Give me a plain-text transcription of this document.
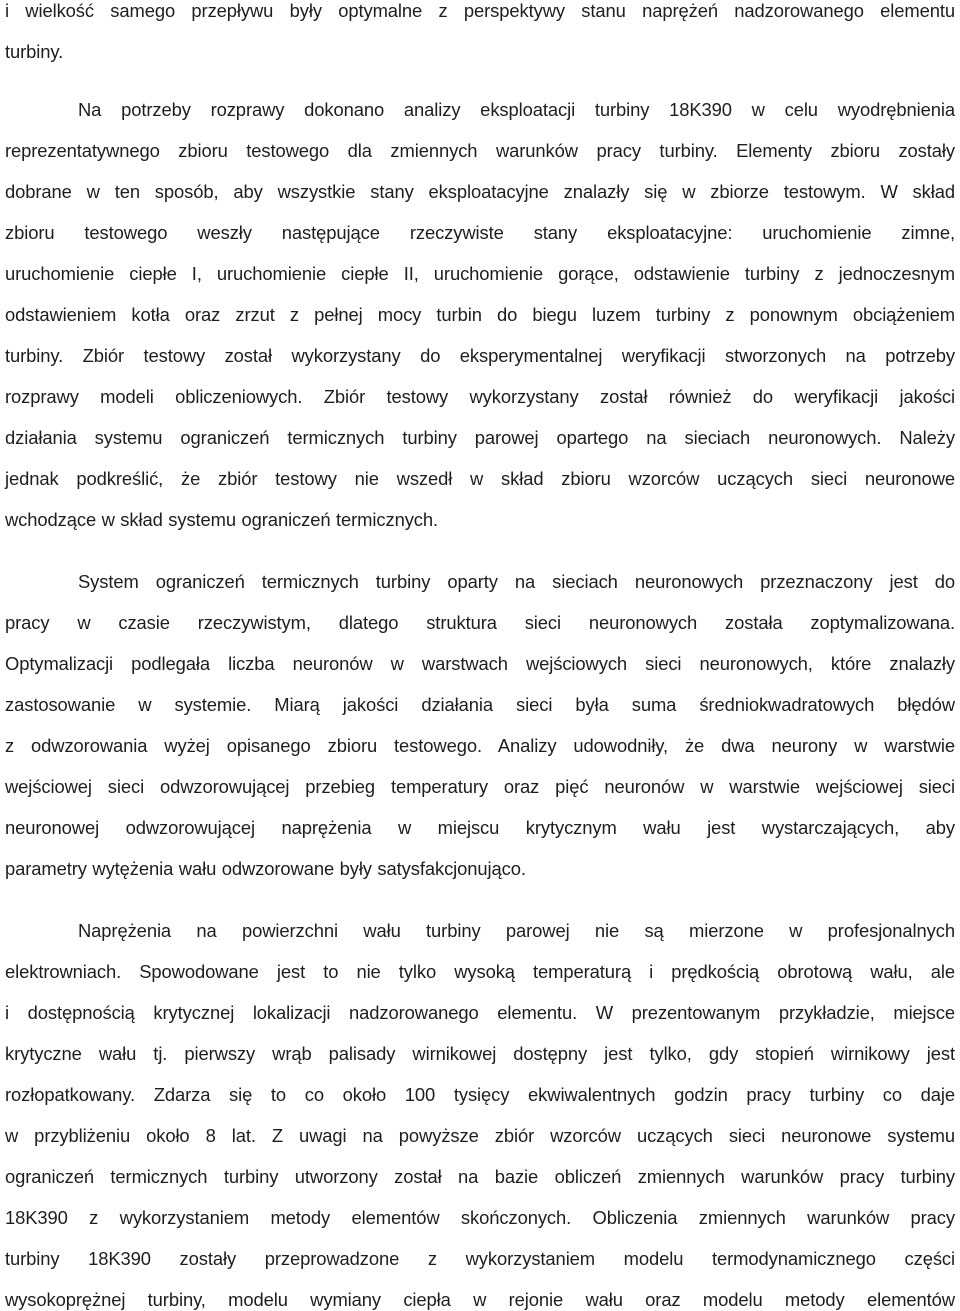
i wielkość samego przepływu były optymalne z perspektywy stanu naprężeń nadzorowanego elementu
turbiny.
Na potrzeby rozprawy dokonano analizy eksploatacji turbiny 18K390 w celu wyodrębnienia
reprezentatywnego zbioru testowego dla zmiennych warunków pracy turbiny. Elementy zbioru zostały
dobrane w ten sposób, aby wszystkie stany eksploatacyjne znalazły się w zbiorze testowym. W skład
zbioru testowego weszły następujące rzeczywiste stany eksploatacyjne: uruchomienie zimne,
uruchomienie ciepłe I, uruchomienie ciepłe II, uruchomienie gorące, odstawienie turbiny z jednoczesnym
odstawieniem kotła oraz zrzut z pełnej mocy turbin do biegu luzem turbiny z ponownym obciążeniem
turbiny. Zbiór testowy został wykorzystany do eksperymentalnej weryfikacji stworzonych na potrzeby
rozprawy modeli obliczeniowych. Zbiór testowy wykorzystany został również do weryfikacji jakości
działania systemu ograniczeń termicznych turbiny parowej opartego na sieciach neuronowych. Należy
jednak podkreślić, że zbiór testowy nie wszedł w skład zbioru wzorców uczących sieci neuronowe
wchodzące w skład systemu ograniczeń termicznych.
System ograniczeń termicznych turbiny oparty na sieciach neuronowych przeznaczony jest do
pracy w czasie rzeczywistym, dlatego struktura sieci neuronowych została zoptymalizowana.
Optymalizacji podlegała liczba neuronów w warstwach wejściowych sieci neuronowych, które znalazły
zastosowanie w systemie. Miarą jakości działania sieci była suma średniokwadratowych błędów
z odwzorowania wyżej opisanego zbioru testowego. Analizy udowodniły, że dwa neurony w warstwie
wejściowej sieci odwzorowującej przebieg temperatury oraz pięć neuronów w warstwie wejściowej sieci
neuronowej odwzorowującej naprężenia w miejscu krytycznym wału jest wystarczających, aby
parametry wytężenia wału odwzorowane były satysfakcjonująco.
Naprężenia na powierzchni wału turbiny parowej nie są mierzone w profesjonalnych
elektrowniach. Spowodowane jest to nie tylko wysoką temperaturą i prędkością obrotową wału, ale
i dostępnością krytycznej lokalizacji nadzorowanego elementu. W prezentowanym przykładzie, miejsce
krytyczne wału tj. pierwszy wrąb palisady wirnikowej dostępny jest tylko, gdy stopień wirnikowy jest
rozłopatkowany. Zdarza się to co około 100 tysięcy ekwiwalentnych godzin pracy turbiny co daje
w przybliżeniu około 8 lat. Z uwagi na powyższe zbiór wzorców uczących sieci neuronowe systemu
ograniczeń termicznych turbiny utworzony został na bazie obliczeń zmiennych warunków pracy turbiny
18K390 z wykorzystaniem metody elementów skończonych. Obliczenia zmiennych warunków pracy
turbiny 18K390 zostały przeprowadzone z wykorzystaniem modelu termodynamicznego części
wysokoprężnej turbiny, modelu wymiany ciepła w rejonie wału oraz modelu metody elementów
